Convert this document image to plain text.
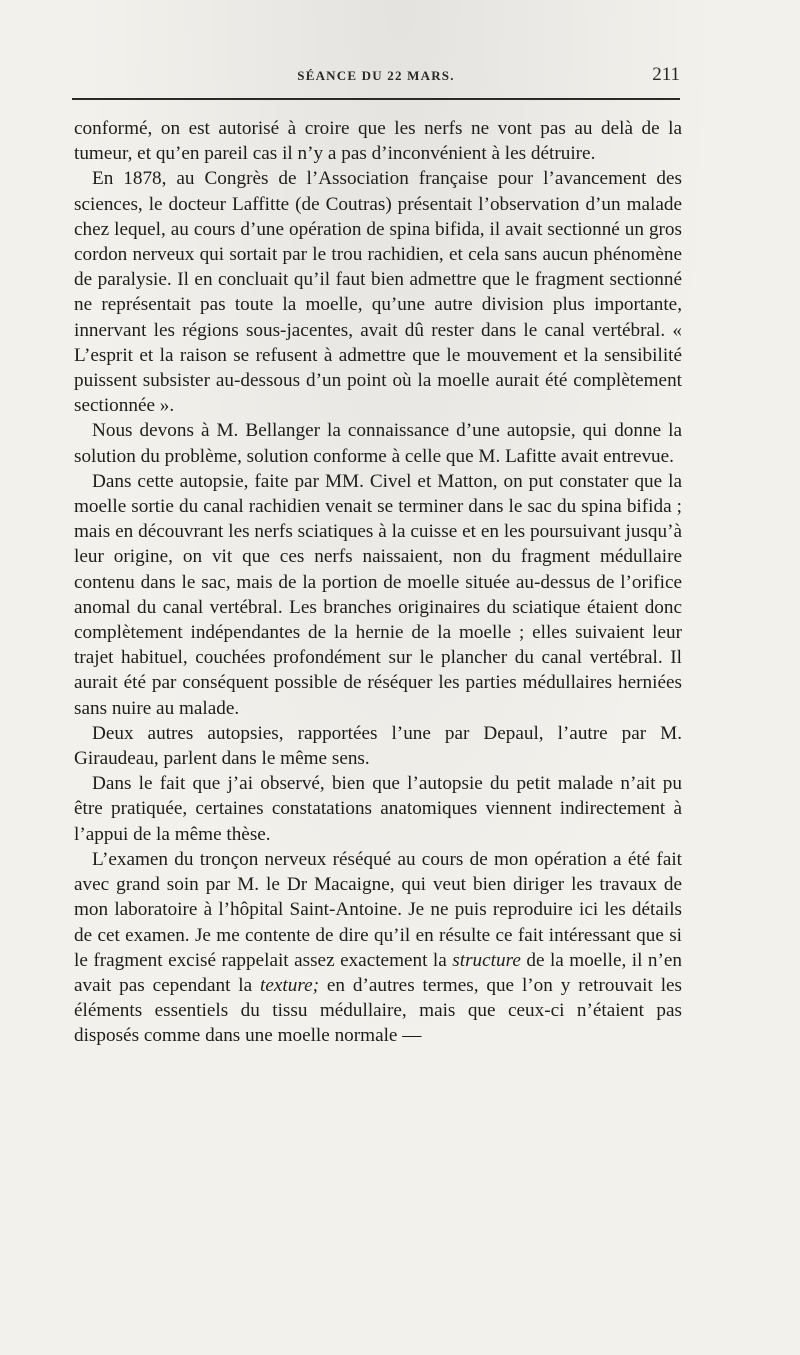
SÉANCE DU 22 MARS.	211

conformé, on est autorisé à croire que les nerfs ne vont pas au delà de la tumeur, et qu’en pareil cas il n’y a pas d’inconvénient à les détruire.

En 1878, au Congrès de l’Association française pour l’avancement des sciences, le docteur Laffitte (de Coutras) présentait l’observation d’un malade chez lequel, au cours d’une opération de spina bifida, il avait sectionné un gros cordon nerveux qui sortait par le trou rachidien, et cela sans aucun phénomène de paralysie. Il en concluait qu’il faut bien admettre que le fragment sectionné ne représentait pas toute la moelle, qu’une autre division plus importante, innervant les régions sous-jacentes, avait dû rester dans le canal vertébral. « L’esprit et la raison se refusent à admettre que le mouvement et la sensibilité puissent subsister au-dessous d’un point où la moelle aurait été complètement sectionnée ».

Nous devons à M. Bellanger la connaissance d’une autopsie, qui donne la solution du problème, solution conforme à celle que M. Lafitte avait entrevue.

Dans cette autopsie, faite par MM. Civel et Matton, on put constater que la moelle sortie du canal rachidien venait se terminer dans le sac du spina bifida ; mais en découvrant les nerfs sciatiques à la cuisse et en les poursuivant jusqu’à leur origine, on vit que ces nerfs naissaient, non du fragment médullaire contenu dans le sac, mais de la portion de moelle située au-dessus de l’orifice anomal du canal vertébral. Les branches originaires du sciatique étaient donc complètement indépendantes de la hernie de la moelle ; elles suivaient leur trajet habituel, couchées profondément sur le plancher du canal vertébral. Il aurait été par conséquent possible de réséquer les parties médullaires herniées sans nuire au malade.

Deux autres autopsies, rapportées l’une par Depaul, l’autre par M. Giraudeau, parlent dans le même sens.

Dans le fait que j’ai observé, bien que l’autopsie du petit malade n’ait pu être pratiquée, certaines constatations anatomiques viennent indirectement à l’appui de la même thèse.

L’examen du tronçon nerveux réséqué au cours de mon opération a été fait avec grand soin par M. le Dr Macaigne, qui veut bien diriger les travaux de mon laboratoire à l’hôpital Saint-Antoine. Je ne puis reproduire ici les détails de cet examen. Je me contente de dire qu’il en résulte ce fait intéressant que si le fragment excisé rappelait assez exactement la structure de la moelle, il n’en avait pas cependant la texture; en d’autres termes, que l’on y retrouvait les éléments essentiels du tissu médullaire, mais que ceux-ci n’étaient pas disposés comme dans une moelle normale —
